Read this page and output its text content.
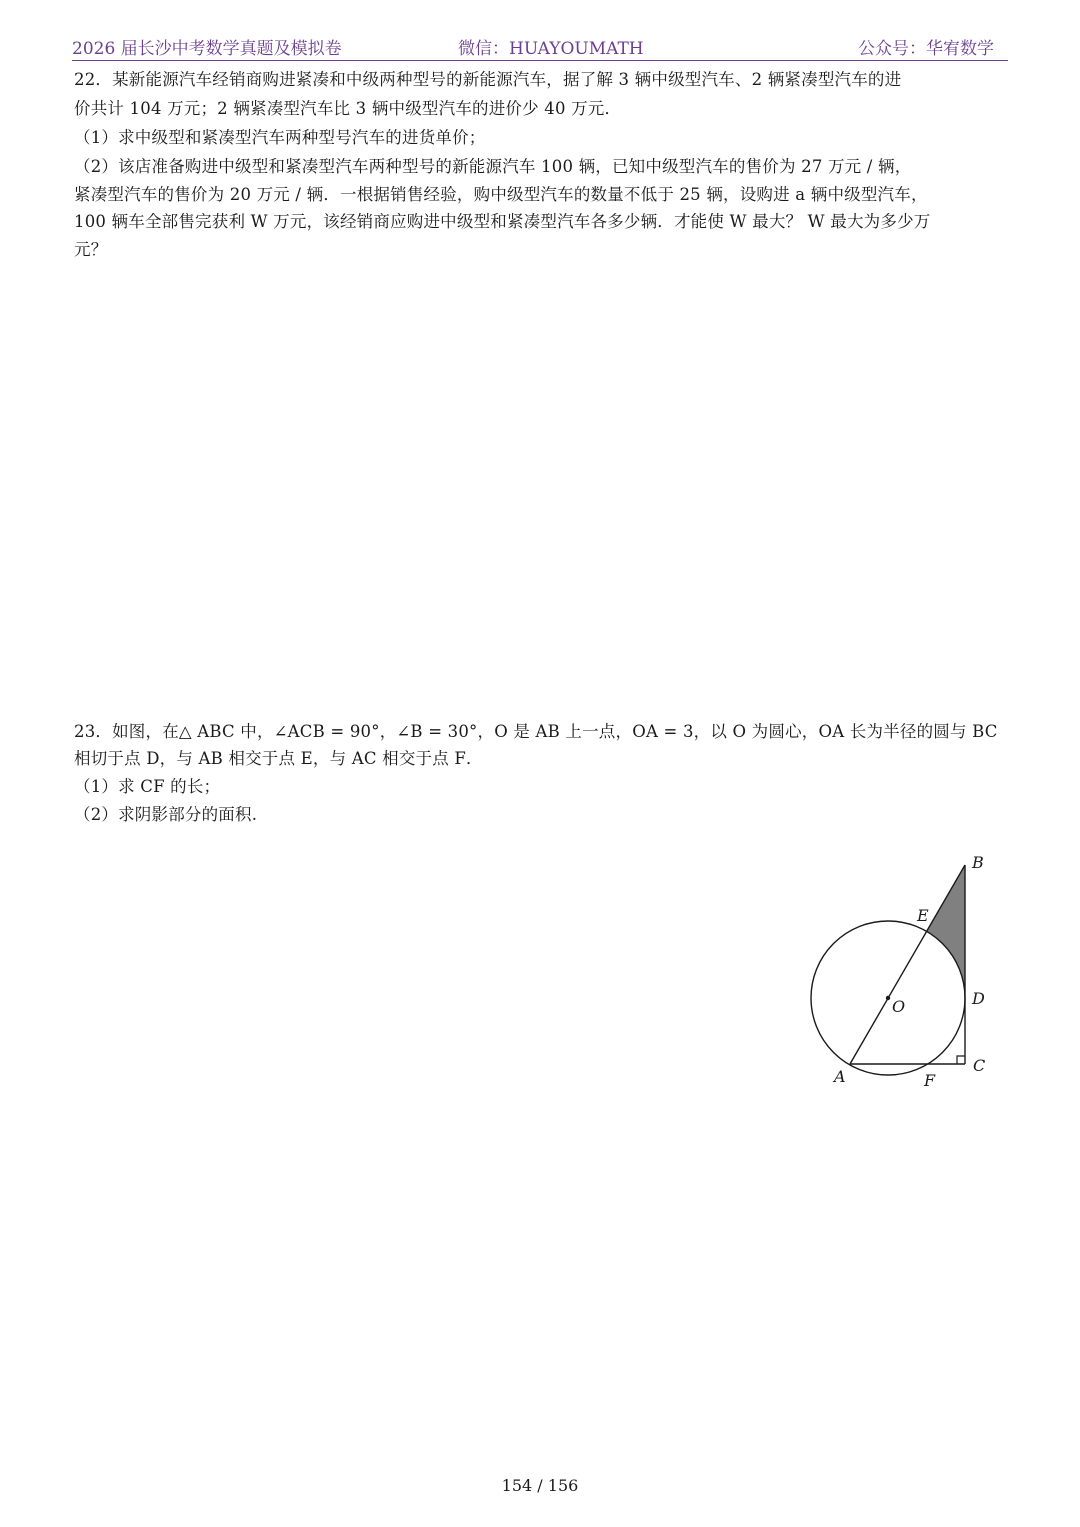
2026 届长沙中考数学真题及模拟卷	微信：HUAYOUMATH	公众号：华宥数学
22．某新能源汽车经销商购进紧凑和中级两种型号的新能源汽车，据了解 3 辆中级型汽车、2 辆紧凑型汽车的进
价共计 104 万元；2 辆紧凑型汽车比 3 辆中级型汽车的进价少 40 万元．
（1）求中级型和紧凑型汽车两种型号汽车的进货单价；
（2）该店准备购进中级型和紧凑型汽车两种型号的新能源汽车 100 辆，已知中级型汽车的售价为 27 万元 / 辆，
紧凑型汽车的售价为 20 万元 / 辆．一根据销售经验，购中级型汽车的数量不低于 25 辆，设购进 a 辆中级型汽车，
100 辆车全部售完获利 W 万元，该经销商应购进中级型和紧凑型汽车各多少辆．才能使 W 最大？ W 最大为多少万
元？
23．如图，在△ ABC 中，∠ACB = 90°，∠B = 30°，O 是 AB 上一点，OA = 3，以 O 为圆心，OA 长为半径的圆与 BC
相切于点 D，与 AB 相交于点 E，与 AC 相交于点 F．
（1）求 CF 的长；
（2）求阴影部分的面积.
B
E
O	D
C
A	F
154 / 156
